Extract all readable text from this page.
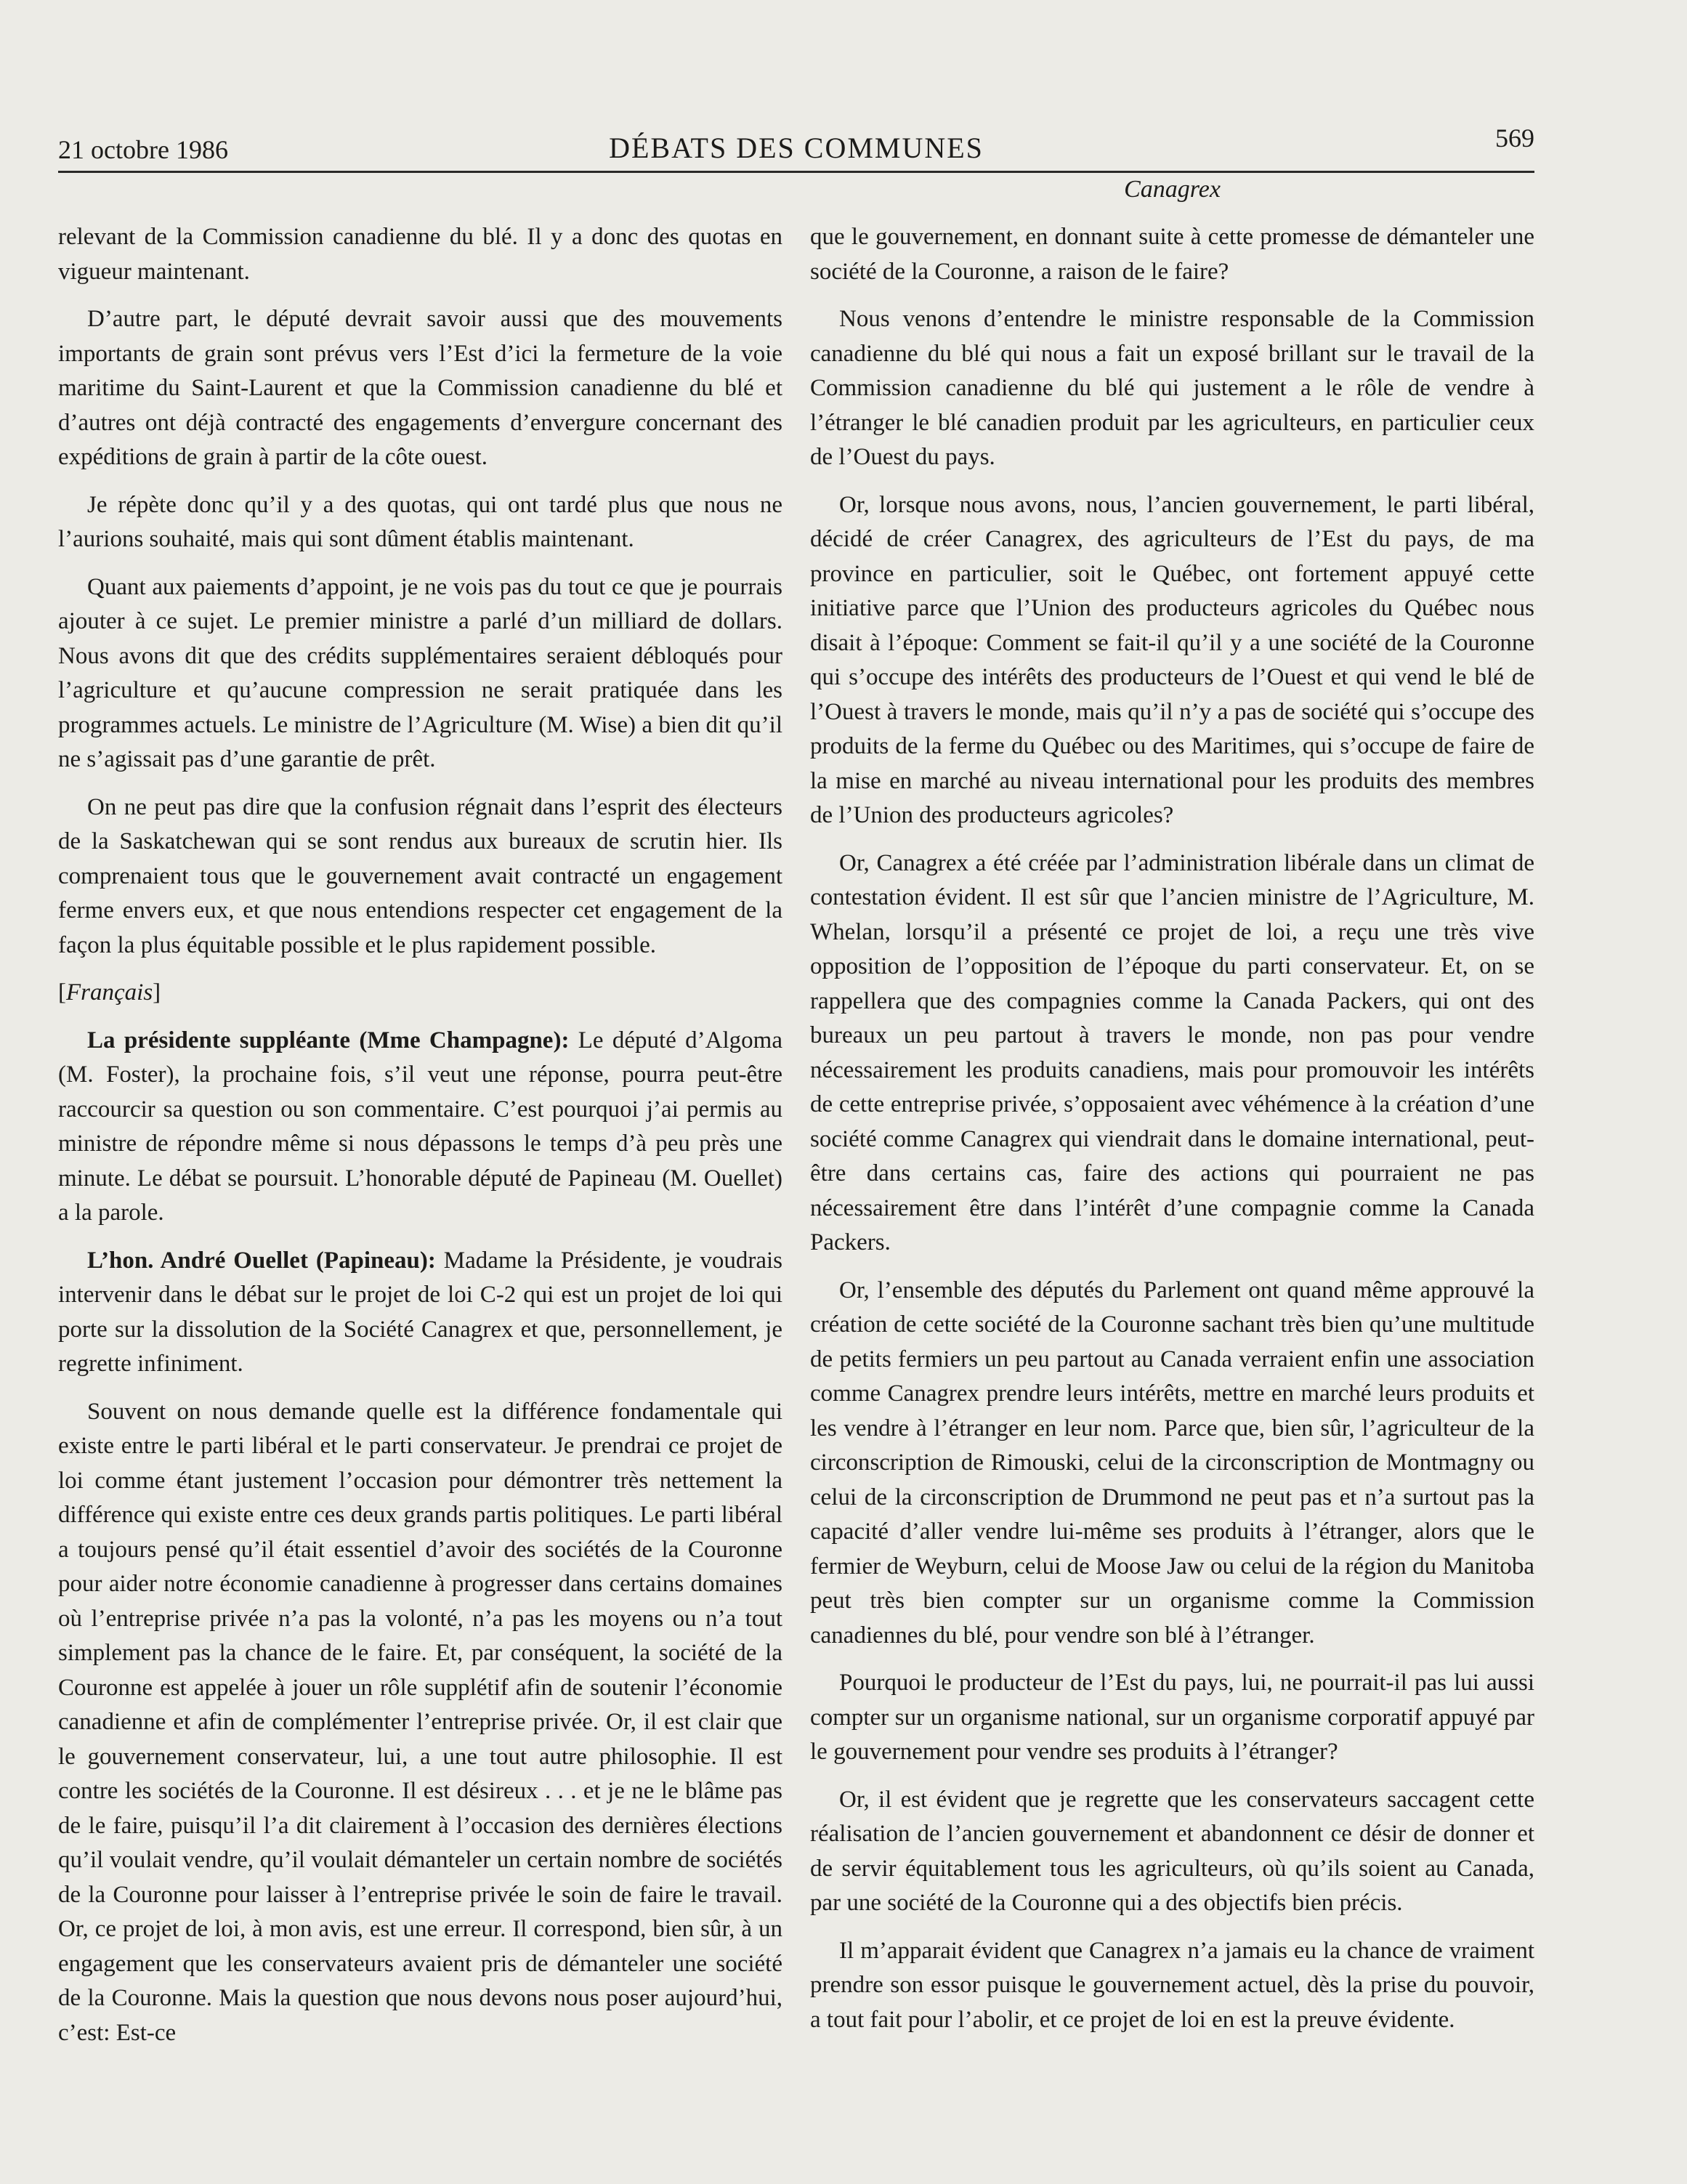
21 octobre 1986	DÉBATS DES COMMUNES	569
Canagrex

relevant de la Commission canadienne du blé. Il y a donc des quotas en vigueur maintenant.

D’autre part, le député devrait savoir aussi que des mouvements importants de grain sont prévus vers l’Est d’ici la fermeture de la voie maritime du Saint-Laurent et que la Commission canadienne du blé et d’autres ont déjà contracté des engagements d’envergure concernant des expéditions de grain à partir de la côte ouest.

Je répète donc qu’il y a des quotas, qui ont tardé plus que nous ne l’aurions souhaité, mais qui sont dûment établis maintenant.

Quant aux paiements d’appoint, je ne vois pas du tout ce que je pourrais ajouter à ce sujet. Le premier ministre a parlé d’un milliard de dollars. Nous avons dit que des crédits supplémentaires seraient débloqués pour l’agriculture et qu’aucune compression ne serait pratiquée dans les programmes actuels. Le ministre de l’Agriculture (M. Wise) a bien dit qu’il ne s’agissait pas d’une garantie de prêt.

On ne peut pas dire que la confusion régnait dans l’esprit des électeurs de la Saskatchewan qui se sont rendus aux bureaux de scrutin hier. Ils comprenaient tous que le gouvernement avait contracté un engagement ferme envers eux, et que nous entendions respecter cet engagement de la façon la plus équitable possible et le plus rapidement possible.

[Français]

La présidente suppléante (Mme Champagne): Le député d’Algoma (M. Foster), la prochaine fois, s’il veut une réponse, pourra peut-être raccourcir sa question ou son commentaire. C’est pourquoi j’ai permis au ministre de répondre même si nous dépassons le temps d’à peu près une minute. Le débat se poursuit. L’honorable député de Papineau (M. Ouellet) a la parole.

L’hon. André Ouellet (Papineau): Madame la Présidente, je voudrais intervenir dans le débat sur le projet de loi C-2 qui est un projet de loi qui porte sur la dissolution de la Société Canagrex et que, personnellement, je regrette infiniment.

Souvent on nous demande quelle est la différence fondamentale qui existe entre le parti libéral et le parti conservateur. Je prendrai ce projet de loi comme étant justement l’occasion pour démontrer très nettement la différence qui existe entre ces deux grands partis politiques. Le parti libéral a toujours pensé qu’il était essentiel d’avoir des sociétés de la Couronne pour aider notre économie canadienne à progresser dans certains domaines où l’entreprise privée n’a pas la volonté, n’a pas les moyens ou n’a tout simplement pas la chance de le faire. Et, par conséquent, la société de la Couronne est appelée à jouer un rôle supplétif afin de soutenir l’économie canadienne et afin de complémenter l’entreprise privée. Or, il est clair que le gouvernement conservateur, lui, a une tout autre philosophie. Il est contre les sociétés de la Couronne. Il est désireux . . . et je ne le blâme pas de le faire, puisqu’il l’a dit clairement à l’occasion des dernières élections qu’il voulait vendre, qu’il voulait démanteler un certain nombre de sociétés de la Couronne pour laisser à l’entreprise privée le soin de faire le travail. Or, ce projet de loi, à mon avis, est une erreur. Il correspond, bien sûr, à un engagement que les conservateurs avaient pris de démanteler une société de la Couronne. Mais la question que nous devons nous poser aujourd’hui, c’est: Est-ce

que le gouvernement, en donnant suite à cette promesse de démanteler une société de la Couronne, a raison de le faire?

Nous venons d’entendre le ministre responsable de la Commission canadienne du blé qui nous a fait un exposé brillant sur le travail de la Commission canadienne du blé qui justement a le rôle de vendre à l’étranger le blé canadien produit par les agriculteurs, en particulier ceux de l’Ouest du pays.

Or, lorsque nous avons, nous, l’ancien gouvernement, le parti libéral, décidé de créer Canagrex, des agriculteurs de l’Est du pays, de ma province en particulier, soit le Québec, ont fortement appuyé cette initiative parce que l’Union des producteurs agricoles du Québec nous disait à l’époque: Comment se fait-il qu’il y a une société de la Couronne qui s’occupe des intérêts des producteurs de l’Ouest et qui vend le blé de l’Ouest à travers le monde, mais qu’il n’y a pas de société qui s’occupe des produits de la ferme du Québec ou des Maritimes, qui s’occupe de faire de la mise en marché au niveau international pour les produits des membres de l’Union des producteurs agricoles?

Or, Canagrex a été créée par l’administration libérale dans un climat de contestation évident. Il est sûr que l’ancien ministre de l’Agriculture, M. Whelan, lorsqu’il a présenté ce projet de loi, a reçu une très vive opposition de l’opposition de l’époque du parti conservateur. Et, on se rappellera que des compagnies comme la Canada Packers, qui ont des bureaux un peu partout à travers le monde, non pas pour vendre nécessairement les produits canadiens, mais pour promouvoir les intérêts de cette entreprise privée, s’opposaient avec véhémence à la création d’une société comme Canagrex qui viendrait dans le domaine international, peut-être dans certains cas, faire des actions qui pourraient ne pas nécessairement être dans l’intérêt d’une compagnie comme la Canada Packers.

Or, l’ensemble des députés du Parlement ont quand même approuvé la création de cette société de la Couronne sachant très bien qu’une multitude de petits fermiers un peu partout au Canada verraient enfin une association comme Canagrex prendre leurs intérêts, mettre en marché leurs produits et les vendre à l’étranger en leur nom. Parce que, bien sûr, l’agriculteur de la circonscription de Rimouski, celui de la circonscription de Montmagny ou celui de la circonscription de Drummond ne peut pas et n’a surtout pas la capacité d’aller vendre lui-même ses produits à l’étranger, alors que le fermier de Weyburn, celui de Moose Jaw ou celui de la région du Manitoba peut très bien compter sur un organisme comme la Commission canadiennes du blé, pour vendre son blé à l’étranger.

Pourquoi le producteur de l’Est du pays, lui, ne pourrait-il pas lui aussi compter sur un organisme national, sur un organisme corporatif appuyé par le gouvernement pour vendre ses produits à l’étranger?

Or, il est évident que je regrette que les conservateurs saccagent cette réalisation de l’ancien gouvernement et abandonnent ce désir de donner et de servir équitablement tous les agriculteurs, où qu’ils soient au Canada, par une société de la Couronne qui a des objectifs bien précis.

Il m’apparait évident que Canagrex n’a jamais eu la chance de vraiment prendre son essor puisque le gouvernement actuel, dès la prise du pouvoir, a tout fait pour l’abolir, et ce projet de loi en est la preuve évidente.
